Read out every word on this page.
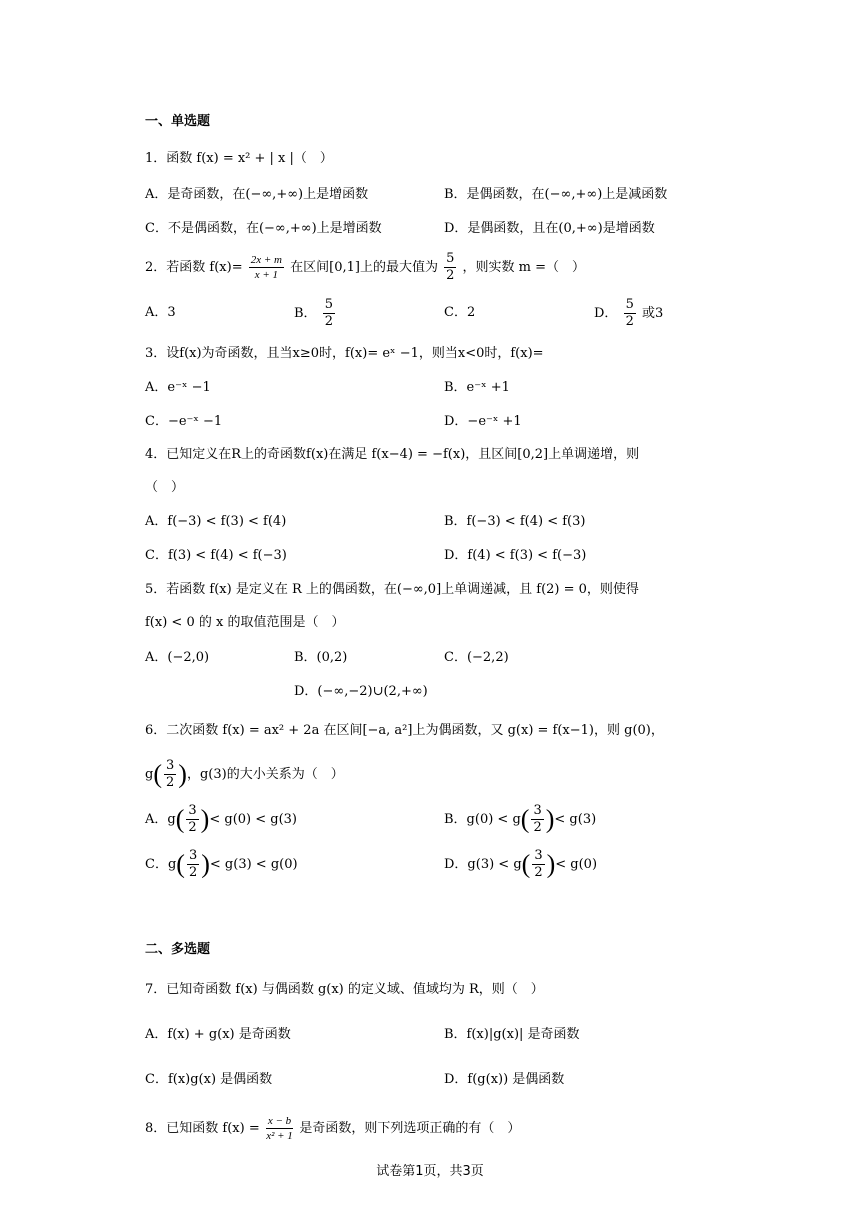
一、单选题
1．函数 f(x) = x² + | x |（　）
A．是奇函数，在(−∞,+∞)上是增函数	B．是偶函数，在(−∞,+∞)上是减函数
C．不是偶函数，在(−∞,+∞)上是增函数	D．是偶函数，且在(0,+∞)是增函数
2．若函数 $f(x)= \frac{2x + m}{x + 1}$ 在区间[0,1]上的最大值为 $\frac{5}{2}$ ，则实数 m =（　）
A．3	B． $\frac{5}{2}$	C．2	D． $\frac{5}{2}$ 或3
3．设f(x)为奇函数，且当x≥0时，f(x)= eˣ −1，则当x<0时，f(x)=
A．e⁻ˣ −1	B．e⁻ˣ +1
C．−e⁻ˣ −1	D．−e⁻ˣ +1
4．已知定义在R上的奇函数f(x)在满足 f(x−4) = −f(x)，且区间[0,2]上单调递增，则
（　）
A．f(−3) < f(3) < f(4)	B．f(−3) < f(4) < f(3)
C．f(3) < f(4) < f(−3)	D．f(4) < f(3) < f(−3)
5．若函数 f(x) 是定义在 R 上的偶函数，在(−∞,0]上单调递减，且 f(2) = 0，则使得
f(x) < 0 的 x 的取值范围是（　）
A．(−2,0)	B．(0,2)	C．(−2,2)
D．(−∞,−2)∪(2,+∞)
6．二次函数 f(x) = ax² + 2a 在区间[−a, a²]上为偶函数，又 g(x) = f(x−1)，则 g(0)，
$g( \frac{3}{2}$ )，g(3)的大小关系为（　）
A．$g( \frac{3}{2}$ )< g(0) < g(3)	B．$g(0) < g( \frac{3}{2}$ )< g(3)
C．$g( \frac{3}{2}$ )< g(3) < g(0)	D．$g(3) < g( \frac{3}{2}$ )< g(0)
二、多选题
7．已知奇函数 f(x) 与偶函数 g(x) 的定义域、值域均为 R，则（　）
A．f(x) + g(x) 是奇函数	B．f(x)|g(x)| 是奇函数
C．f(x)g(x) 是偶函数	D．f(g(x)) 是偶函数
8．已知函数 $f(x) = \frac{x - b}{\text{x² + 1}}$ 是奇函数，则下列选项正确的有（　）
试卷第1页，共3页
